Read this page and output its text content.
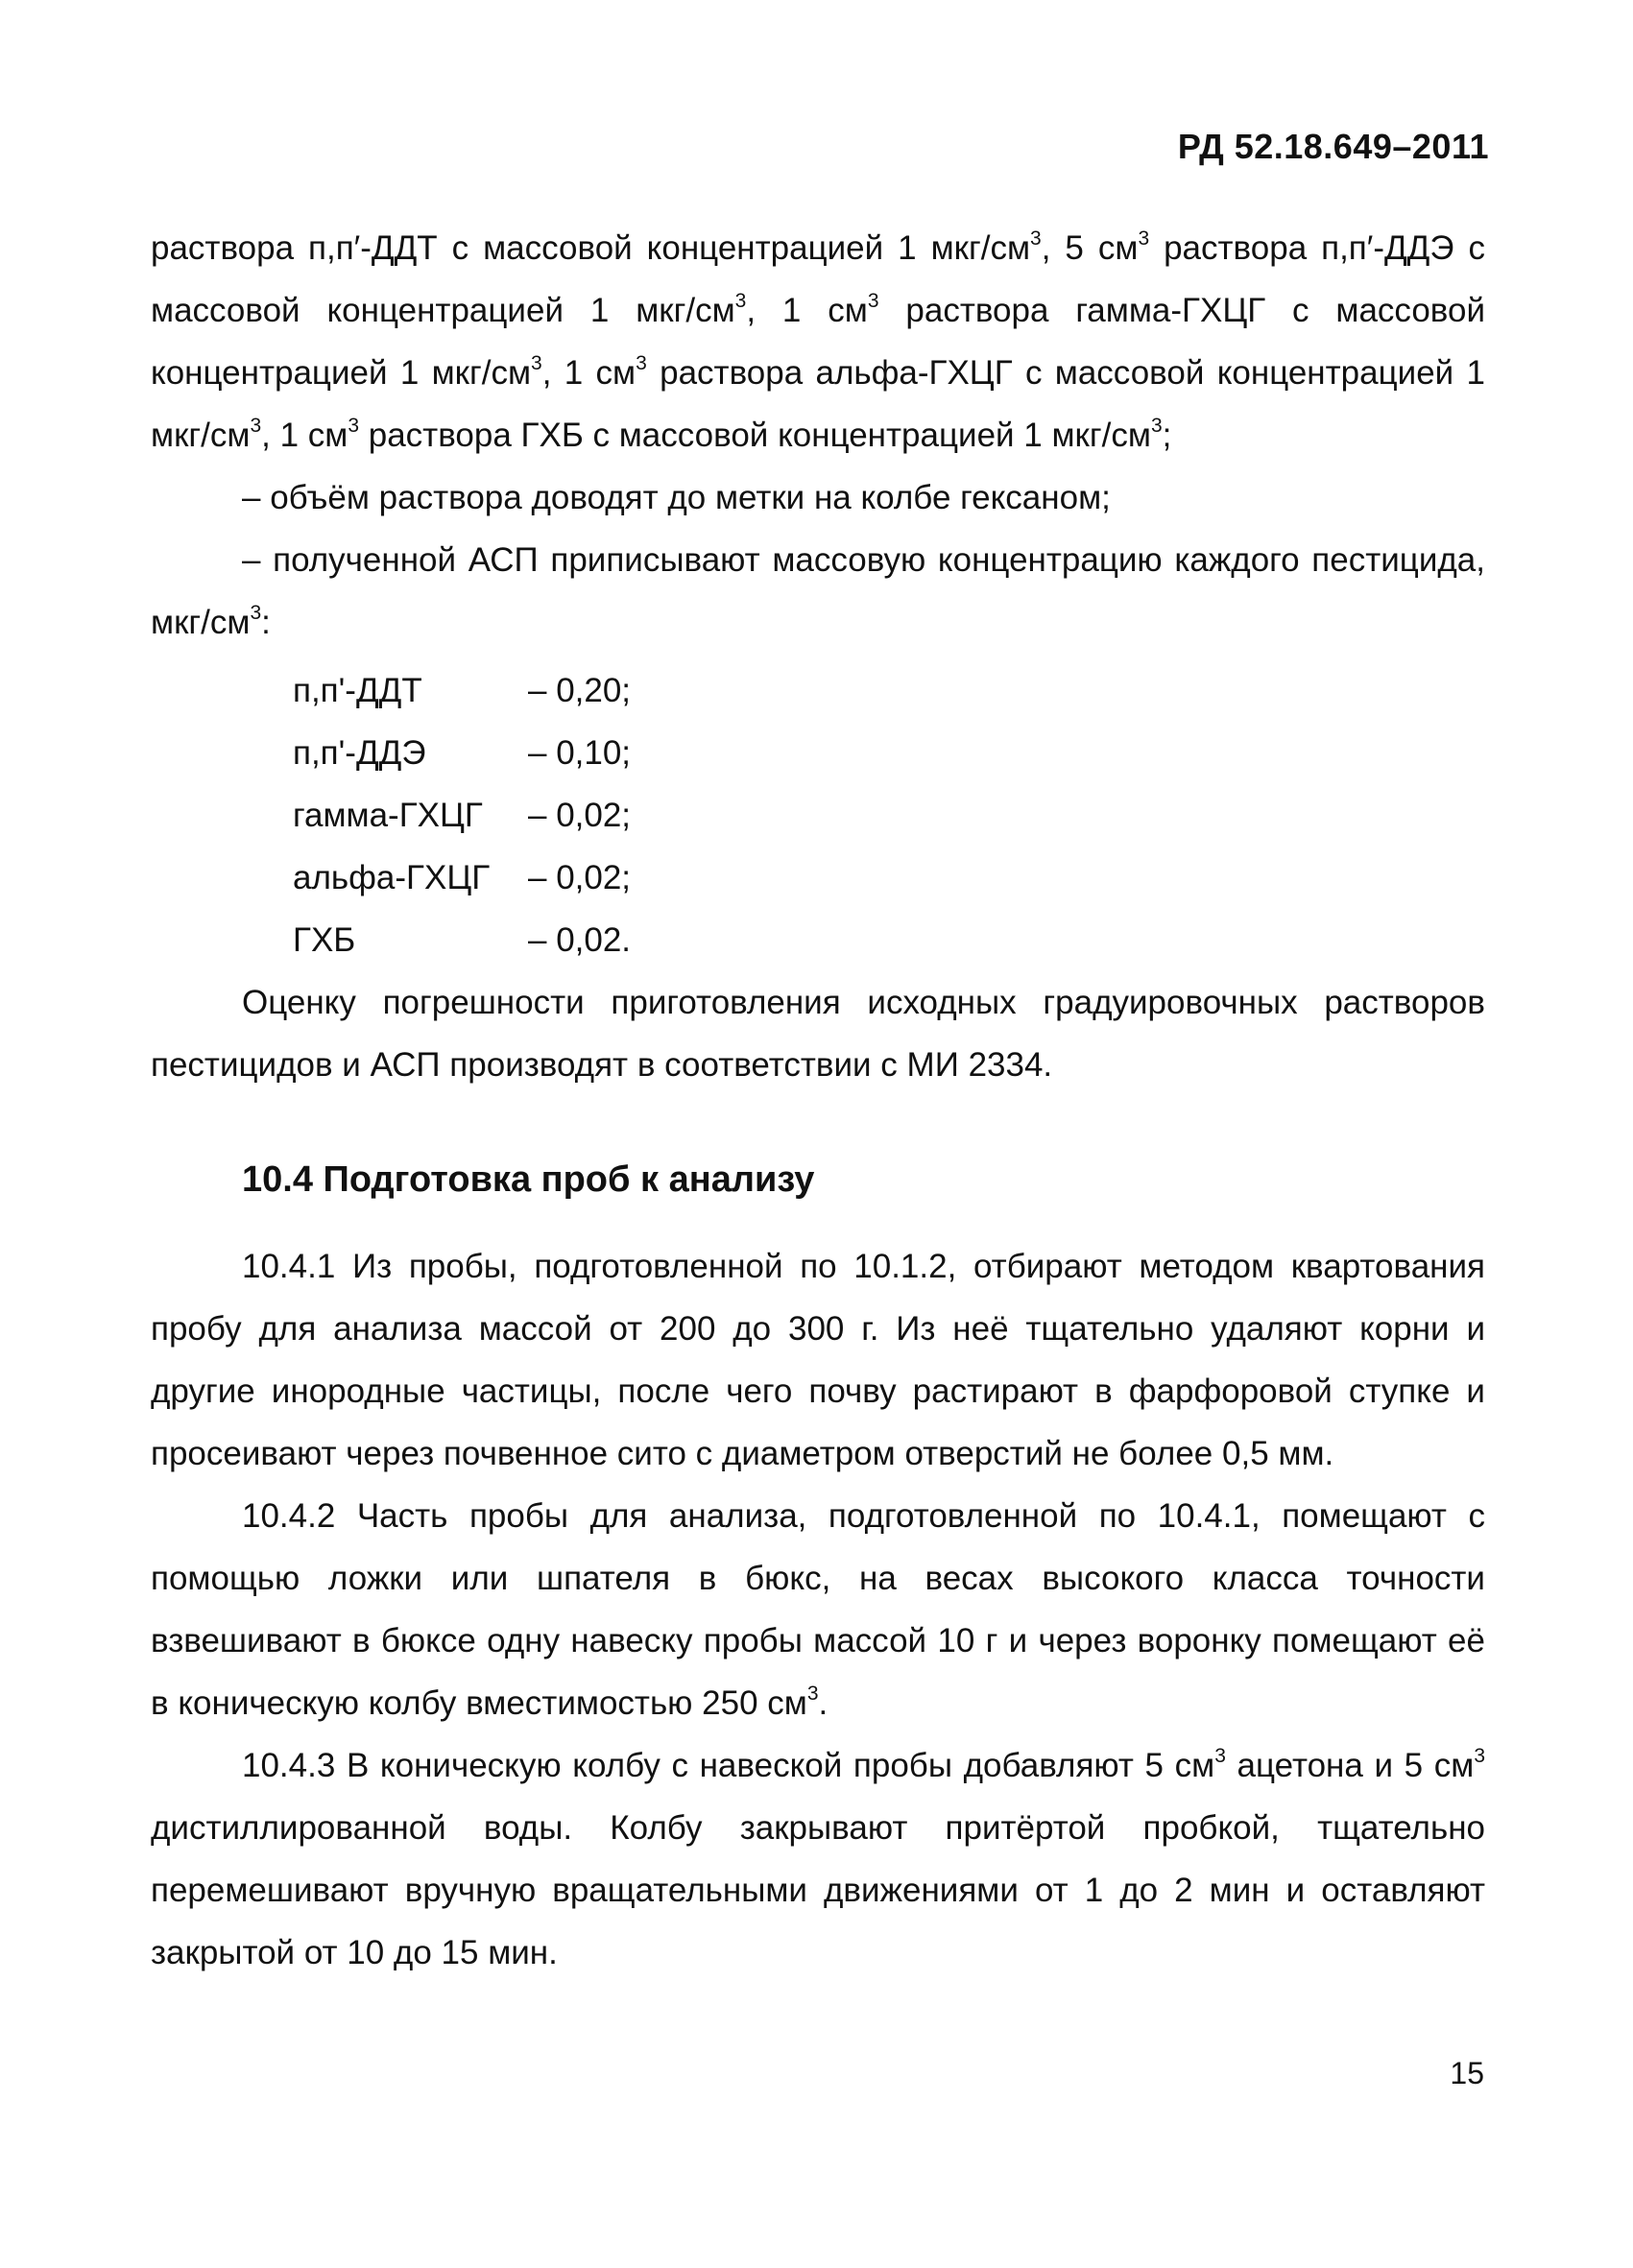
РД 52.18.649–2011

раствора п,п′-ДДТ с массовой концентрацией 1 мкг/$см^3$, 5 $см^3$ раствора п,п′-ДДЭ с массовой концентрацией 1 мкг/$см^3$, 1 $см^3$ раствора гамма-ГХЦГ с массовой концентрацией 1 мкг/$см^3$, 1 $см^3$ раствора альфа-ГХЦГ с массовой концентрацией 1 мкг/$см^3$, 1 $см^3$ раствора ГХБ с массовой концентрацией 1 мкг/$см^3$;

– объём раствора доводят до метки на колбе гексаном;

– полученной АСП приписывают массовую концентрацию каждого пестицида, мкг/$см^3$:

п,п'-ДДТ	– 0,20;
п,п'-ДДЭ	– 0,10;
гамма-ГХЦГ	– 0,02;
альфа-ГХЦГ	– 0,02;
ГХБ	– 0,02.

Оценку погрешности приготовления исходных градуировочных растворов пестицидов и АСП производят в соответствии с МИ 2334.

10.4 Подготовка проб к анализу

10.4.1 Из пробы, подготовленной по 10.1.2, отбирают методом квартования пробу для анализа массой от 200 до 300 г. Из неё тщательно удаляют корни и другие инородные частицы, после чего почву растирают в фарфоровой ступке и просеивают через почвенное сито с диаметром отверстий не более 0,5 мм.

10.4.2 Часть пробы для анализа, подготовленной по 10.4.1, помещают с помощью ложки или шпателя в бюкс, на весах высокого класса точности взвешивают в бюксе одну навеску пробы массой 10 г и через воронку помещают её в коническую колбу вместимостью 250 $см^3$.

10.4.3 В коническую колбу с навеской пробы добавляют 5 $см^3$ ацетона и 5 $см^3$ дистиллированной воды. Колбу закрывают притёртой пробкой, тщательно перемешивают вручную вращательными движениями от 1 до 2 мин и оставляют закрытой от 10 до 15 мин.

15
